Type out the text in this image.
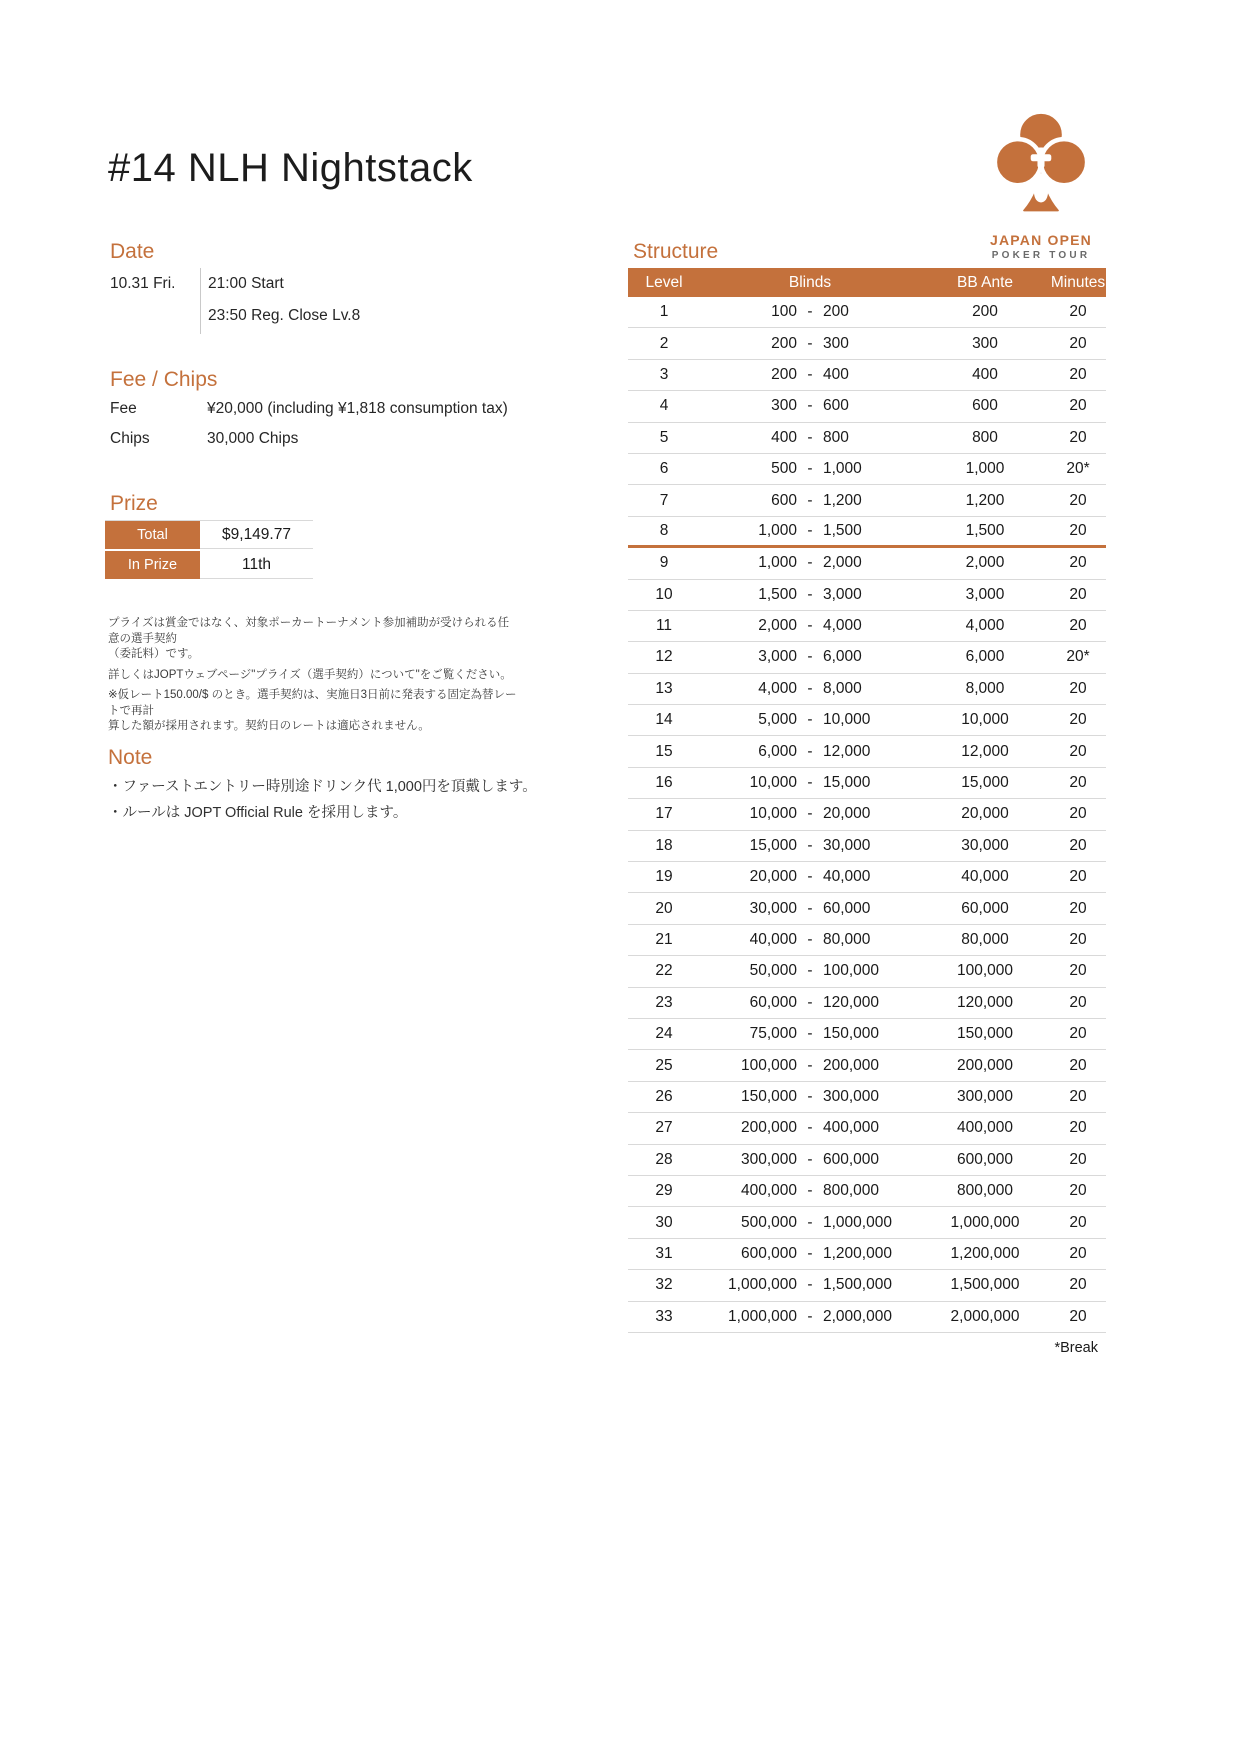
#14 NLH Nightstack
JAPAN OPEN
POKER TOUR
Date
10.31 Fri. 21:00 Start
23:50 Reg. Close Lv.8
Fee / Chips
Fee	¥20,000 (including ¥1,818 consumption tax)
Chips	30,000 Chips
Prize
Total	$9,149.77
In Prize	11th
プライズは賞金ではなく、対象ポーカートーナメント参加補助が受けられる任意の選手契約
（委託料）です。
詳しくはJOPTウェブページ"プライズ（選手契約）について"をご覧ください。
※仮レート150.00/$ のとき。選手契約は、実施日3日前に発表する固定為替レートで再計
算した額が採用されます。契約日のレートは適応されません。
Note
・ファーストエントリー時別途ドリンク代 1,000円を頂戴します。
・ルールは JOPT Official Rule を採用します。
Structure
Level	Blinds	BB Ante	Minutes
1	100 - 200	200	20
2	200 - 300	300	20
3	200 - 400	400	20
4	300 - 600	600	20
5	400 - 800	800	20
6	500 - 1,000	1,000	20*
7	600 - 1,200	1,200	20
8	1,000 - 1,500	1,500	20
9	1,000 - 2,000	2,000	20
10	1,500 - 3,000	3,000	20
11	2,000 - 4,000	4,000	20
12	3,000 - 6,000	6,000	20*
13	4,000 - 8,000	8,000	20
14	5,000 - 10,000	10,000	20
15	6,000 - 12,000	12,000	20
16	10,000 - 15,000	15,000	20
17	10,000 - 20,000	20,000	20
18	15,000 - 30,000	30,000	20
19	20,000 - 40,000	40,000	20
20	30,000 - 60,000	60,000	20
21	40,000 - 80,000	80,000	20
22	50,000 - 100,000	100,000	20
23	60,000 - 120,000	120,000	20
24	75,000 - 150,000	150,000	20
25	100,000 - 200,000	200,000	20
26	150,000 - 300,000	300,000	20
27	200,000 - 400,000	400,000	20
28	300,000 - 600,000	600,000	20
29	400,000 - 800,000	800,000	20
30	500,000 - 1,000,000	1,000,000	20
31	600,000 - 1,200,000	1,200,000	20
32	1,000,000 - 1,500,000	1,500,000	20
33	1,000,000 - 2,000,000	2,000,000	20
*Break
